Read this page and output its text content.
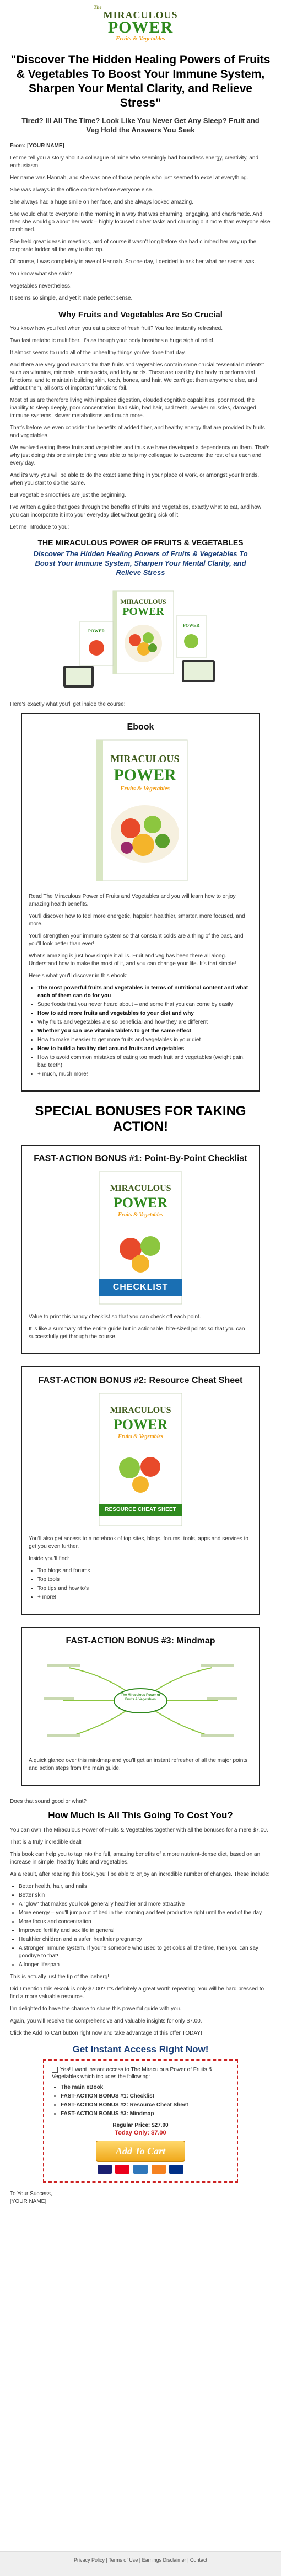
The
MIRACULOUS
POWER
Fruits & Vegetables
"Discover The Hidden Healing Powers of Fruits & Vegetables To Boost Your Immune System, Sharpen Your Mental Clarity, and Relieve Stress"
Tired? Ill All The Time? Look Like You Never Get Any Sleep? Fruit and Veg Hold the Answers You Seek

From: [YOUR NAME]

Let me tell you a story about a colleague of mine who seemingly had boundless energy, creativity, and enthusiasm.

Her name was Hannah, and she was one of those people who just seemed to excel at everything.

She was always in the office on time before everyone else.

She always had a huge smile on her face, and she always looked amazing.

She would chat to everyone in the morning in a way that was charming, engaging, and charismatic. And then she would go about her work – highly focused on her tasks and churning out more than everyone else combined.

She held great ideas in meetings, and of course it wasn't long before she had climbed her way up the corporate ladder all the way to the top.

Of course, I was completely in awe of Hannah. So one day, I decided to ask her what her secret was.

You know what she said?

Vegetables nevertheless.

It seems so simple, and yet it made perfect sense.

Why Fruits and Vegetables Are So Crucial

You know how you feel when you eat a piece of fresh fruit? You feel instantly refreshed.

Two fast metabolic multifiber. It's as though your body breathes a huge sigh of relief.

It almost seems to undo all of the unhealthy things you've done that day.

And there are very good reasons for that! fruits and vegetables contain some crucial "essential nutrients" such as vitamins, minerals, amino acids, and fatty acids. These are used by the body to perform vital functions, and to maintain building skin, teeth, bones, and hair. We can't get them anywhere else, and without them, all sorts of important functions fail.

Most of us are therefore living with impaired digestion, clouded cognitive capabilities, poor mood, the inability to sleep deeply, poor concentration, bad skin, bad hair, bad teeth, weaker muscles, damaged immune systems, slower metabolisms and much more.

That's before we even consider the benefits of added fiber, and healthy energy that are provided by fruits and vegetables.

We evolved eating these fruits and vegetables and thus we have developed a dependency on them. That's why just doing this one simple thing was able to help my colleague to overcome the rest of us each and every day.

And it's why you will be able to do the exact same thing in your place of work, or amongst your friends, when you start to do the same.

But vegetable smoothies are just the beginning.

I've written a guide that goes through the benefits of fruits and vegetables, exactly what to eat, and how you can incorporate it into your everyday diet without getting sick of it!

Let me introduce to you:

THE MIRACULOUS POWER OF FRUITS & VEGETABLES
Discover The Hidden Healing Powers of Fruits & Vegetables To Boost Your Immune System, Sharpen Your Mental Clarity, and Relieve Stress
MIRACULOUS
POWER
POWER
POWER

Here's exactly what you'll get inside the course:

Ebook
MIRACULOUS
POWER
Fruits & Vegetables

Read The Miraculous Power of Fruits and Vegetables and you will learn how to enjoy amazing health benefits.

You'll discover how to feel more energetic, happier, healthier, smarter, more focused, and more.

You'll strengthen your immune system so that constant colds are a thing of the past, and you'll look better than ever!

What's amazing is just how simple it all is. Fruit and veg has been there all along. Understand how to make the most of it, and you can change your life. It's that simple!

Here's what you'll discover in this ebook:

• The most powerful fruits and vegetables in terms of nutritional content and what each of them can do for you
• Superfoods that you never heard about – and some that you can come by easily
• How to add more fruits and vegetables to your diet and why
• Why fruits and vegetables are so beneficial and how they are different
• Whether you can use vitamin tablets to get the same effect
• How to make it easier to get more fruits and vegetables in your diet
• How to build a healthy diet around fruits and vegetables
• How to avoid common mistakes of eating too much fruit and vegetables (weight gain, bad teeth)
• + much, much more!
SPECIAL BONUSES FOR TAKING ACTION!
FAST-ACTION BONUS #1: Point-By-Point Checklist
MIRACULOUS
POWER
Fruits & Vegetables
CHECKLIST

Value to print this handy checklist so that you can check off each point.

It is like a summary of the entire guide but in actionable, bite-sized points so that you can successfully get through the course.

FAST-ACTION BONUS #2: Resource Cheat Sheet
MIRACULOUS
POWER
Fruits & Vegetables
RESOURCE CHEAT SHEET

You'll also get access to a notebook of top sites, blogs, forums, tools, apps and services to get you even further.

Inside you'll find:

• Top blogs and forums
• Top tools
• Top tips and how to's
• + more!
FAST-ACTION BONUS #3: Mindmap
The Miraculous Power of Fruits & Vegetables

A quick glance over this mindmap and you'll get an instant refresher of all the major points and action steps from the main guide.

Does that sound good or what?

How Much Is All This Going To Cost You?

You can own The Miraculous Power of Fruits & Vegetables together with all the bonuses for a mere $7.00.

That is a truly incredible deal!

This book can help you to tap into the full, amazing benefits of a more nutrient-dense diet, based on an increase in simple, healthy fruits and vegetables.

As a result, after reading this book, you'll be able to enjoy an incredible number of changes. These include:

• Better health, hair, and nails
• Better skin
• A "glow" that makes you look generally healthier and more attractive
• More energy – you'll jump out of bed in the morning and feel productive right until the end of the day
• More focus and concentration
• Improved fertility and sex life in general
• Healthier children and a safer, healthier pregnancy
• A stronger immune system. If you're someone who used to get colds all the time, then you can say goodbye to that!
• A longer lifespan

This is actually just the tip of the iceberg!

Did I mention this eBook is only $7.00? It's definitely a great worth repeating. You will be hard pressed to find a more valuable resource.

I'm delighted to have the chance to share this powerful guide with you.

Again, you will receive the comprehensive and valuable insights for only $7.00.

Click the Add To Cart button right now and take advantage of this offer TODAY!

Get Instant Access Right Now!
Yes! I want instant access to The Miraculous Power of Fruits & Vegetables which includes the following:
• The main eBook
• FAST-ACTION BONUS #1: Checklist
• FAST-ACTION BONUS #2: Resource Cheat Sheet
• FAST-ACTION BONUS #3: Mindmap
Regular Price: $27.00
Today Only: $7.00
Add To Cart

To Your Success,
[YOUR NAME]
Privacy Policy | Terms of Use | Earnings Disclaimer | Contact
